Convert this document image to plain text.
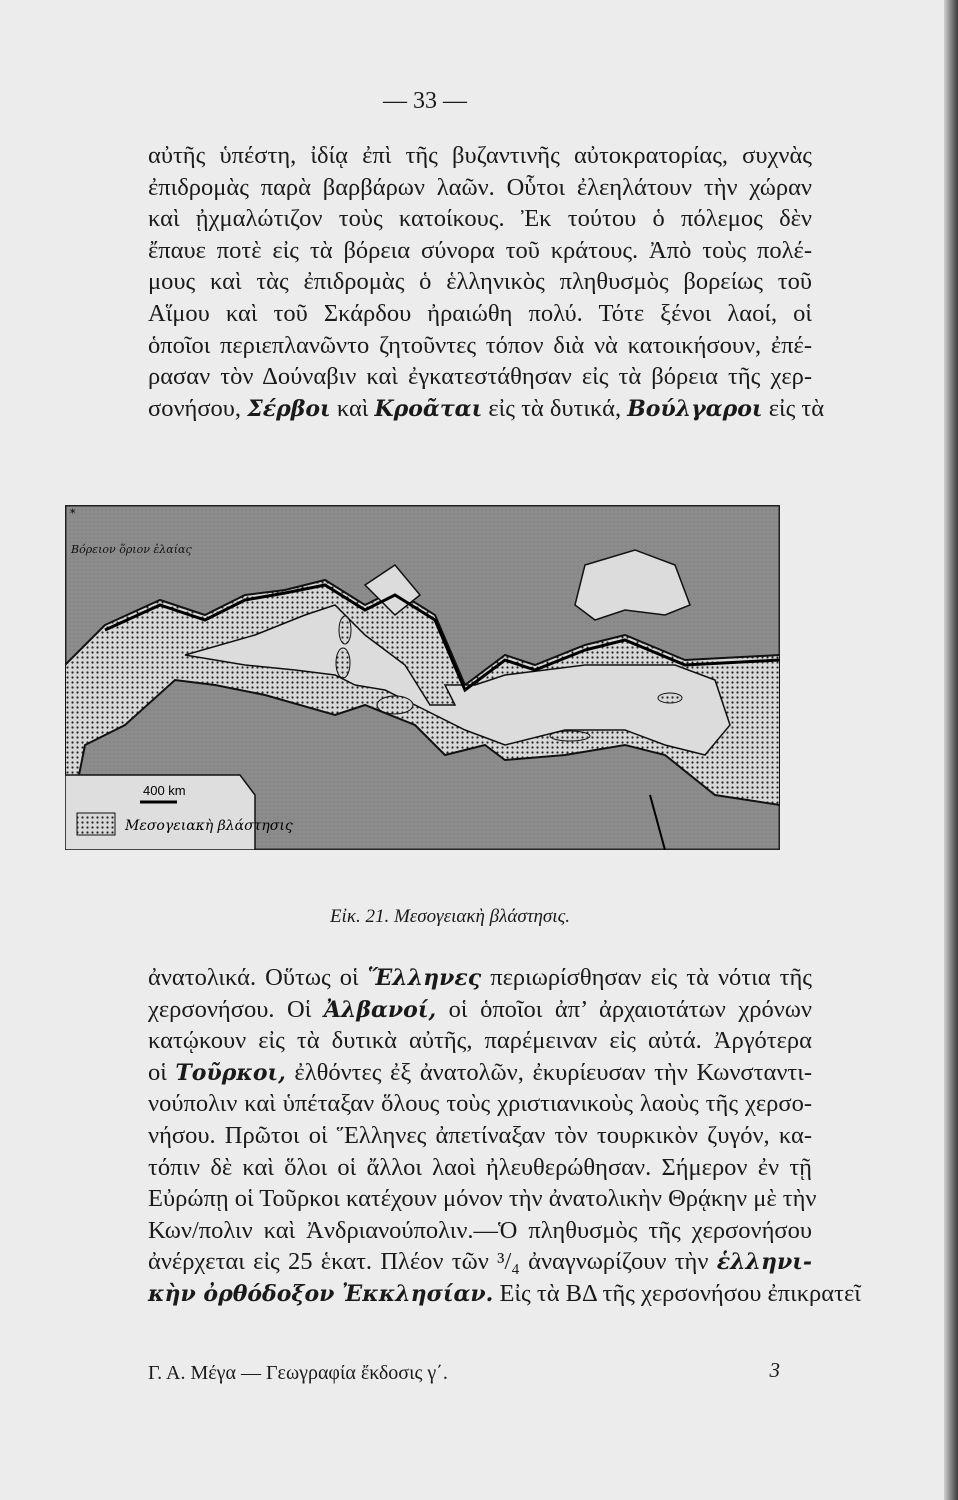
— 33 —
αὐτῆς ὑπέστη, ἰδίᾳ ἐπὶ τῆς βυζαντινῆς αὐτοκρατορίας, συχνὰς
ἐπιδρομὰς παρὰ βαρβάρων λαῶν. Οὗτοι ἐλεηλάτουν τὴν χώραν
καὶ ᾐχμαλώτιζον τοὺς κατοίκους. Ἐκ τούτου ὁ πόλεμος δὲν
ἔπαυε ποτὲ εἰς τὰ βόρεια σύνορα τοῦ κράτους. Ἀπὸ τοὺς πολέ-
μους καὶ τὰς ἐπιδρομὰς ὁ ἑλληνικὸς πληθυσμὸς βορείως τοῦ
Αἵμου καὶ τοῦ Σκάρδου ἠραιώθη πολύ. Τότε ξένοι λαοί, οἱ
ὁποῖοι περιεπλανῶντο ζητοῦντες τόπον διὰ νὰ κατοικήσουν, ἐπέ-
ρασαν τὸν Δούναβιν καὶ ἐγκατεστάθησαν εἰς τὰ βόρεια τῆς χερ-
σονήσου, Σέρβοι καὶ Κροᾶται εἰς τὰ δυτικά, Βούλγαροι εἰς τὰ
400 km
Μεσογειακὴ βλάστησις
Βόρειον ὅριον ἐλαίας
*
Εἰκ. 21. Μεσογειακὴ βλάστησις.
ἀνατολικά. Οὕτως οἱ Ἕλληνες περιωρίσθησαν εἰς τὰ νότια τῆς
χερσονήσου. Οἱ Ἀλβανοί, οἱ ὁποῖοι ἀπ’ ἀρχαιοτάτων χρόνων
κατῴκουν εἰς τὰ δυτικὰ αὐτῆς, παρέμειναν εἰς αὐτά. Ἀργότερα
οἱ Τοῦρκοι, ἐλθόντες ἐξ ἀνατολῶν, ἐκυρίευσαν τὴν Κωνσταντι-
νούπολιν καὶ ὑπέταξαν ὅλους τοὺς χριστιανικοὺς λαοὺς τῆς χερσο-
νήσου. Πρῶτοι οἱ Ἕλληνες ἀπετίναξαν τὸν τουρκικὸν ζυγόν, κα-
τόπιν δὲ καὶ ὅλοι οἱ ἄλλοι λαοὶ ἠλευθερώθησαν. Σήμερον ἐν τῇ
Εὐρώπῃ οἱ Τοῦρκοι κατέχουν μόνον τὴν ἀνατολικὴν Θρᾴκην μὲ τὴν
Κων/πολιν καὶ Ἀνδριανούπολιν.—Ὁ πληθυσμὸς τῆς χερσονήσου
ἀνέρχεται εἰς 25 ἑκατ. Πλέον τῶν ³/₄ ἀναγνωρίζουν τὴν ἑλληνι-
κὴν ὀρθόδοξον Ἐκκλησίαν. Εἰς τὰ ΒΔ τῆς χερσονήσου ἐπικρατεῖ
Γ. Α. Μέγα — Γεωγραφία ἔκδοσις γ΄.	3
